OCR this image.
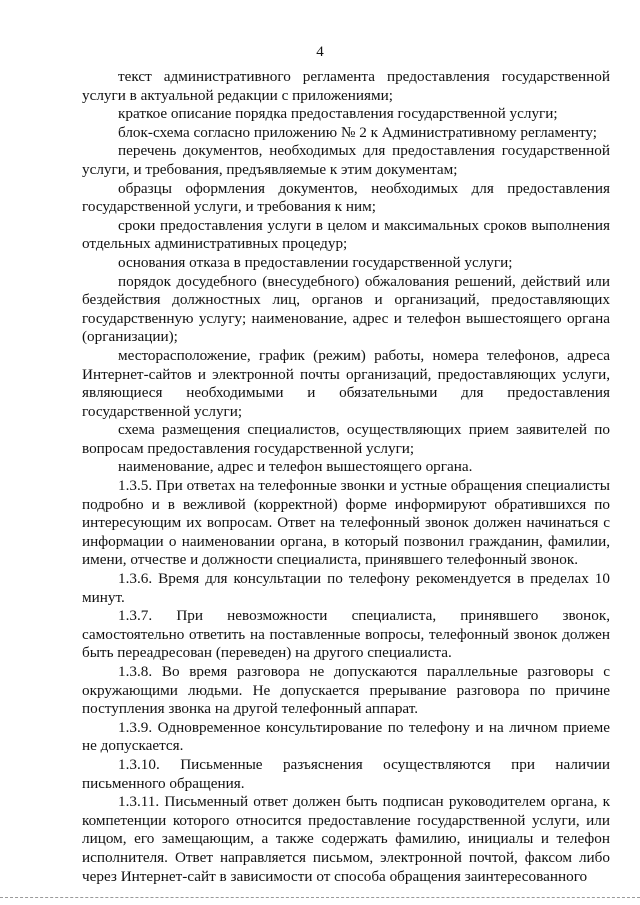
4

текст административного регламента предоставления государственной услуги в актуальной редакции с приложениями;

краткое описание порядка предоставления государственной услуги;

блок-схема согласно приложению № 2 к Административному регламенту;

перечень документов, необходимых для предоставления государственной услуги, и требования, предъявляемые к этим документам;

образцы оформления документов, необходимых для предоставления государственной услуги, и требования к ним;

сроки предоставления услуги в целом и максимальных сроков выполнения отдельных административных процедур;

основания отказа в предоставлении государственной услуги;

порядок досудебного (внесудебного) обжалования решений, действий или бездействия должностных лиц, органов и организаций, предоставляющих государственную услугу; наименование, адрес и телефон вышестоящего органа (организации);

месторасположение, график (режим) работы, номера телефонов, адреса Интернет-сайтов и электронной почты организаций, предоставляющих услуги, являющиеся необходимыми и обязательными для предоставления государственной услуги;

схема размещения специалистов, осуществляющих прием заявителей по вопросам предоставления государственной услуги;

наименование, адрес и телефон вышестоящего органа.

1.3.5. При ответах на телефонные звонки и устные обращения специалисты подробно и в вежливой (корректной) форме информируют обратившихся по интересующим их вопросам. Ответ на телефонный звонок должен начинаться с информации о наименовании органа, в который позвонил гражданин, фамилии, имени, отчестве и должности специалиста, принявшего телефонный звонок.

1.3.6. Время для консультации по телефону рекомендуется в пределах 10 минут.

1.3.7. При невозможности специалиста, принявшего звонок, самостоятельно ответить на поставленные вопросы, телефонный звонок должен быть переадресован (переведен) на другого специалиста.

1.3.8. Во время разговора не допускаются параллельные разговоры с окружающими людьми. Не допускается прерывание разговора по причине поступления звонка на другой телефонный аппарат.

1.3.9. Одновременное консультирование по телефону и на личном приеме не допускается.

1.3.10. Письменные разъяснения осуществляются при наличии письменного обращения.

1.3.11. Письменный ответ должен быть подписан руководителем органа, к компетенции которого относится предоставление государственной услуги, или лицом, его замещающим, а также содержать фамилию, инициалы и телефон исполнителя. Ответ направляется письмом, электронной почтой, факсом либо через Интернет-сайт в зависимости от способа обращения заинтересованного
